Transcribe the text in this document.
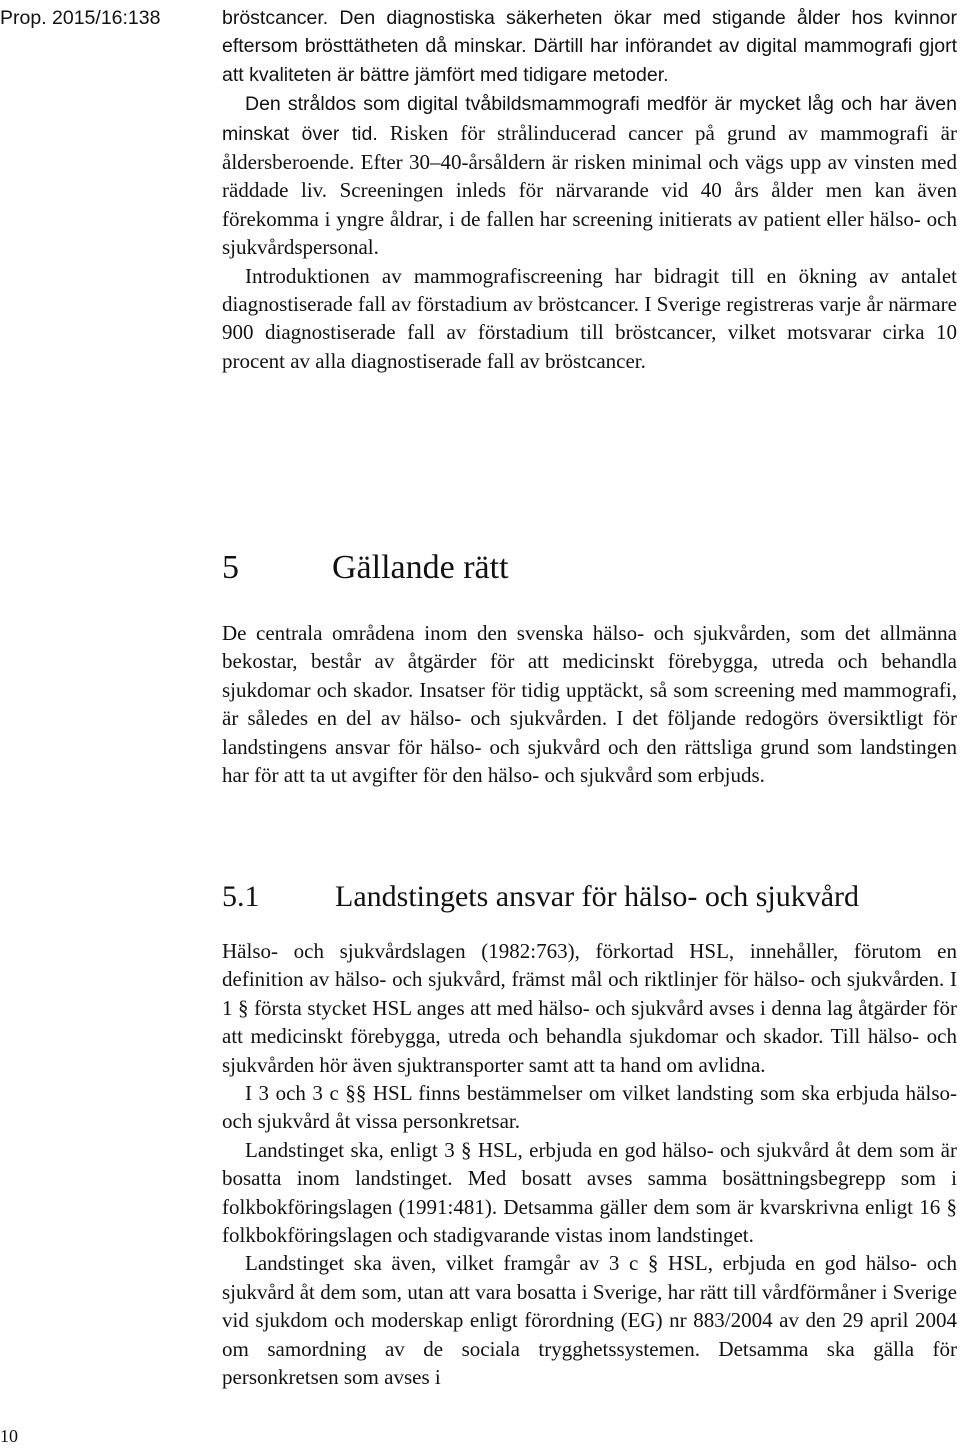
Prop. 2015/16:138	bröstcancer. Den diagnostiska säkerheten ökar med stigande ålder hos kvinnor eftersom brösttätheten då minskar. Därtill har införandet av digital mammografi gjort att kvaliteten är bättre jämfört med tidigare metoder.

Den stråldos som digital tvåbildsmammografi medför är mycket låg och har även minskat över tid. Risken för strålinducerad cancer på grund av mammografi är åldersberoende. Efter 30–40-årsåldern är risken minimal och vägs upp av vinsten med räddade liv. Screeningen inleds för närvarande vid 40 års ålder men kan även förekomma i yngre åldrar, i de fallen har screening initierats av patient eller hälso- och sjukvårdspersonal.

Introduktionen av mammografiscreening har bidragit till en ökning av antalet diagnostiserade fall av förstadium av bröstcancer. I Sverige registreras varje år närmare 900 diagnostiserade fall av förstadium till bröstcancer, vilket motsvarar cirka 10 procent av alla diagnostiserade fall av bröstcancer.

5	Gällande rätt

De centrala områdena inom den svenska hälso- och sjukvården, som det allmänna bekostar, består av åtgärder för att medicinskt förebygga, utreda och behandla sjukdomar och skador. Insatser för tidig upptäckt, så som screening med mammografi, är således en del av hälso- och sjukvården. I det följande redogörs översiktligt för landstingens ansvar för hälso- och sjukvård och den rättsliga grund som landstingen har för att ta ut avgifter för den hälso- och sjukvård som erbjuds.

5.1	Landstingets ansvar för hälso- och sjukvård

Hälso- och sjukvårdslagen (1982:763), förkortad HSL, innehåller, förutom en definition av hälso- och sjukvård, främst mål och riktlinjer för hälso- och sjukvården. I 1 § första stycket HSL anges att med hälso- och sjukvård avses i denna lag åtgärder för att medicinskt förebygga, utreda och behandla sjukdomar och skador. Till hälso- och sjukvården hör även sjuktransporter samt att ta hand om avlidna.

I 3 och 3 c §§ HSL finns bestämmelser om vilket landsting som ska erbjuda hälso- och sjukvård åt vissa personkretsar.

Landstinget ska, enligt 3 § HSL, erbjuda en god hälso- och sjukvård åt dem som är bosatta inom landstinget. Med bosatt avses samma bosättningsbegrepp som i folkbokföringslagen (1991:481). Detsamma gäller dem som är kvarskrivna enligt 16 § folkbokföringslagen och stadigvarande vistas inom landstinget.

Landstinget ska även, vilket framgår av 3 c § HSL, erbjuda en god hälso- och sjukvård åt dem som, utan att vara bosatta i Sverige, har rätt till vårdförmåner i Sverige vid sjukdom och moderskap enligt förordning (EG) nr 883/2004 av den 29 april 2004 om samordning av de sociala trygghetssystemen. Detsamma ska gälla för personkretsen som avses i

10
